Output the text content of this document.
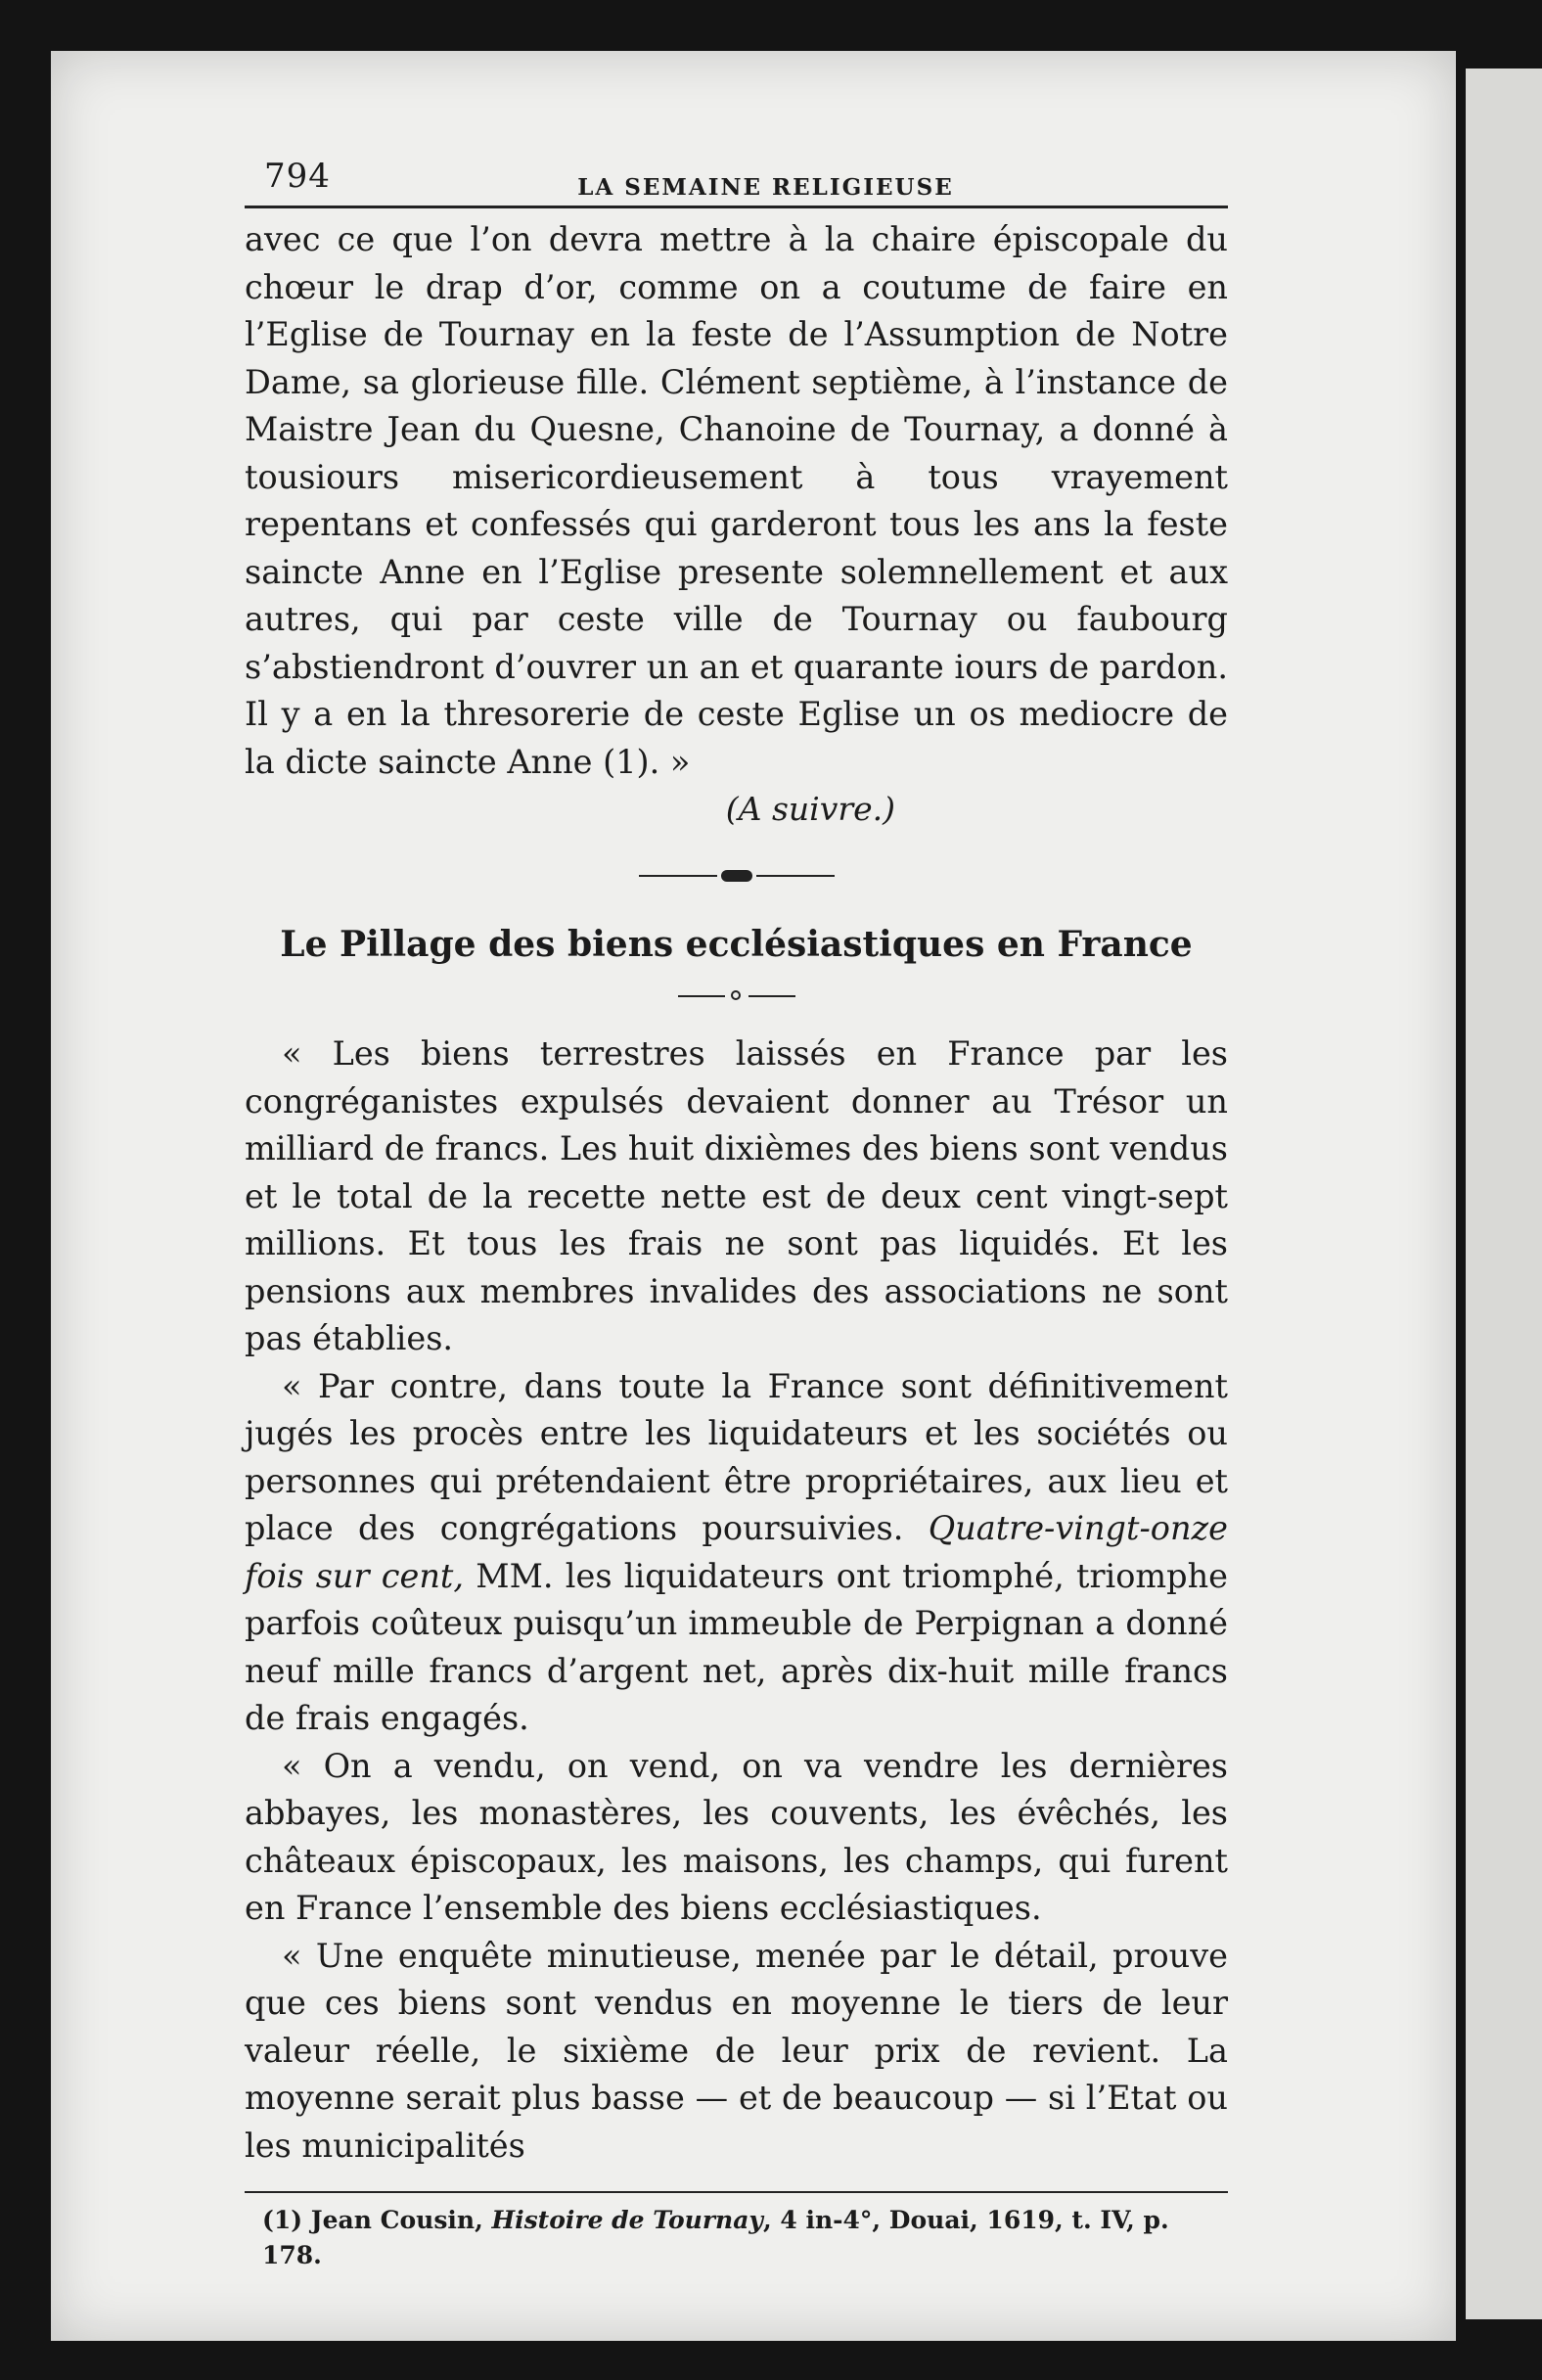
794	LA SEMAINE RELIGIEUSE

avec ce que l’on devra mettre à la chaire épiscopale du chœur le drap d’or, comme on a coutume de faire en l’Eglise de Tournay en la feste de l’Assumption de Notre Dame, sa glorieuse fille. Clément septième, à l’instance de Maistre Jean du Quesne, Chanoine de Tournay, a donné à tousiours misericordieusement à tous vrayement repentans et confessés qui garderont tous les ans la feste saincte Anne en l’Eglise presente solemnellement et aux autres, qui par ceste ville de Tournay ou faubourg s’abstiendront d’ouvrer un an et quarante iours de pardon. Il y a en la thresorerie de ceste Eglise un os mediocre de la dicte saincte Anne (1). »

(A suivre.)

Le Pillage des biens ecclésiastiques en France

« Les biens terrestres laissés en France par les congréganistes expulsés devaient donner au Trésor un milliard de francs. Les huit dixièmes des biens sont vendus et le total de la recette nette est de deux cent vingt-sept millions. Et tous les frais ne sont pas liquidés. Et les pensions aux membres invalides des associations ne sont pas établies.

« Par contre, dans toute la France sont définitivement jugés les procès entre les liquidateurs et les sociétés ou personnes qui prétendaient être propriétaires, aux lieu et place des congrégations poursuivies. Quatre-vingt-onze fois sur cent, MM. les liquidateurs ont triomphé, triomphe parfois coûteux puisqu’un immeuble de Perpignan a donné neuf mille francs d’argent net, après dix-huit mille francs de frais engagés.

« On a vendu, on vend, on va vendre les dernières abbayes, les monastères, les couvents, les évêchés, les châteaux épiscopaux, les maisons, les champs, qui furent en France l’ensemble des biens ecclésiastiques.

« Une enquête minutieuse, menée par le détail, prouve que ces biens sont vendus en moyenne le tiers de leur valeur réelle, le sixième de leur prix de revient. La moyenne serait plus basse — et de beaucoup — si l’Etat ou les municipalités

(1) Jean Cousin, Histoire de Tournay, 4 in-4°, Douai, 1619, t. IV, p. 178.
